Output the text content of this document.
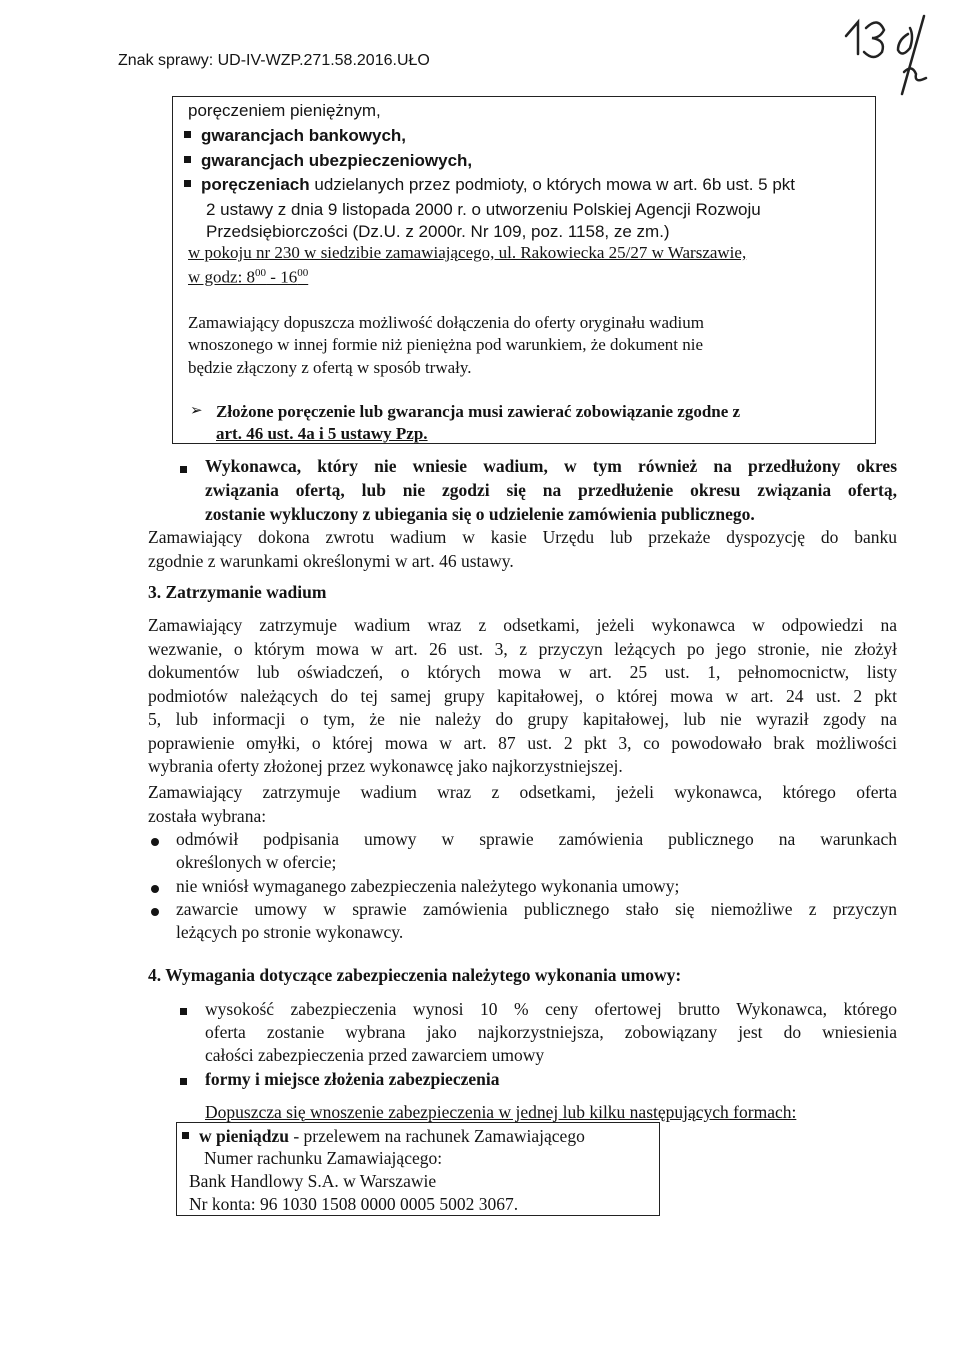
Znak sprawy: UD-IV-WZP.271.58.2016.UŁO
poręczeniem pieniężnym,
gwarancjach bankowych,
gwarancjach ubezpieczeniowych,
poręczeniach udzielanych przez podmioty, o których mowa w art. 6b ust. 5 pkt
2 ustawy z dnia 9 listopada 2000 r. o utworzeniu Polskiej Agencji Rozwoju
Przedsiębiorczości (Dz.U. z 2000r. Nr 109, poz. 1158, ze zm.)
w pokoju nr 230 w siedzibie zamawiającego, ul. Rakowiecka 25/27 w Warszawie,
w godz: $8^{00} - 16^{00}$
Zamawiający dopuszcza możliwość dołączenia do oferty oryginału wadium
wnoszonego w innej formie niż pieniężna pod warunkiem, że dokument nie
będzie złączony z ofertą w sposób trwały.
➢ Złożone poręczenie lub gwarancja musi zawierać zobowiązanie zgodne z
art. 46 ust. 4a i 5 ustawy Pzp.
Wykonawca, który nie wniesie wadium, w tym również na przedłużony okres
związania ofertą, lub nie zgodzi się na przedłużenie okresu związania ofertą,
zostanie wykluczony z ubiegania się o udzielenie zamówienia publicznego.
Zamawiający dokona zwrotu wadium w kasie Urzędu lub przekaże dyspozycję do banku
zgodnie z warunkami określonymi w art. 46 ustawy.
3. Zatrzymanie wadium
Zamawiający zatrzymuje wadium wraz z odsetkami, jeżeli wykonawca w odpowiedzi na
wezwanie, o którym mowa w art. 26 ust. 3, z przyczyn leżących po jego stronie, nie złożył
dokumentów lub oświadczeń, o których mowa w art. 25 ust. 1, pełnomocnictw, listy
podmiotów należących do tej samej grupy kapitałowej, o której mowa w art. 24 ust. 2 pkt
5, lub informacji o tym, że nie należy do grupy kapitałowej, lub nie wyraził zgody na
poprawienie omyłki, o której mowa w art. 87 ust. 2 pkt 3, co powodowało brak możliwości
wybrania oferty złożonej przez wykonawcę jako najkorzystniejszej.
Zamawiający zatrzymuje wadium wraz z odsetkami, jeżeli wykonawca, którego oferta
została wybrana:
odmówił podpisania umowy w sprawie zamówienia publicznego na warunkach
określonych w ofercie;
nie wniósł wymaganego zabezpieczenia należytego wykonania umowy;
zawarcie umowy w sprawie zamówienia publicznego stało się niemożliwe z przyczyn
leżących po stronie wykonawcy.
4. Wymagania dotyczące zabezpieczenia należytego wykonania umowy:
wysokość zabezpieczenia wynosi 10 % ceny ofertowej brutto Wykonawca, którego
oferta zostanie wybrana jako najkorzystniejsza, zobowiązany jest do wniesienia
całości zabezpieczenia przed zawarciem umowy
formy i miejsce złożenia zabezpieczenia
Dopuszcza się wnoszenie zabezpieczenia w jednej lub kilku następujących formach:
w pieniądzu - przelewem na rachunek Zamawiającego
Numer rachunku Zamawiającego:
Bank Handlowy S.A. w Warszawie
Nr konta: 96 1030 1508 0000 0005 5002 3067.
